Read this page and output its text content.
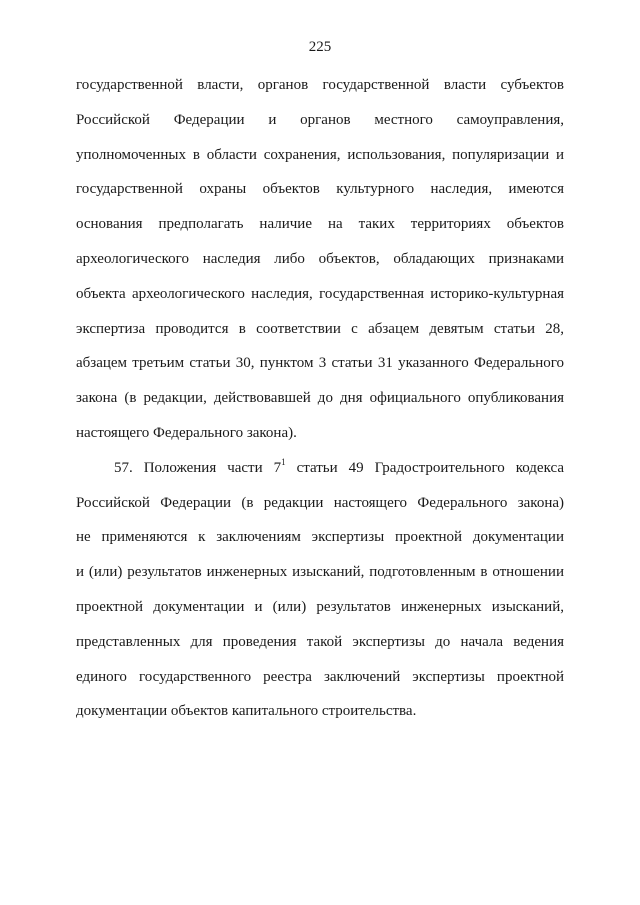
225
государственной власти, органов государственной власти субъектов
Российской Федерации и органов местного самоуправления,
уполномоченных в области сохранения, использования, популяризации и
государственной охраны объектов культурного наследия, имеются
основания предполагать наличие на таких территориях объектов
археологического наследия либо объектов, обладающих признаками
объекта археологического наследия, государственная историко-культурная
экспертиза проводится в соответствии с абзацем девятым статьи 28,
абзацем третьим статьи 30, пунктом 3 статьи 31 указанного Федерального
закона (в редакции, действовавшей до дня официального опубликования
настоящего Федерального закона).
57. Положения части $7^1$ статьи 49 Градостроительного кодекса
Российской Федерации (в редакции настоящего Федерального закона)
не применяются к заключениям экспертизы проектной документации
и (или) результатов инженерных изысканий, подготовленным в отношении
проектной документации и (или) результатов инженерных изысканий,
представленных для проведения такой экспертизы до начала ведения
единого государственного реестра заключений экспертизы проектной
документации объектов капитального строительства.
